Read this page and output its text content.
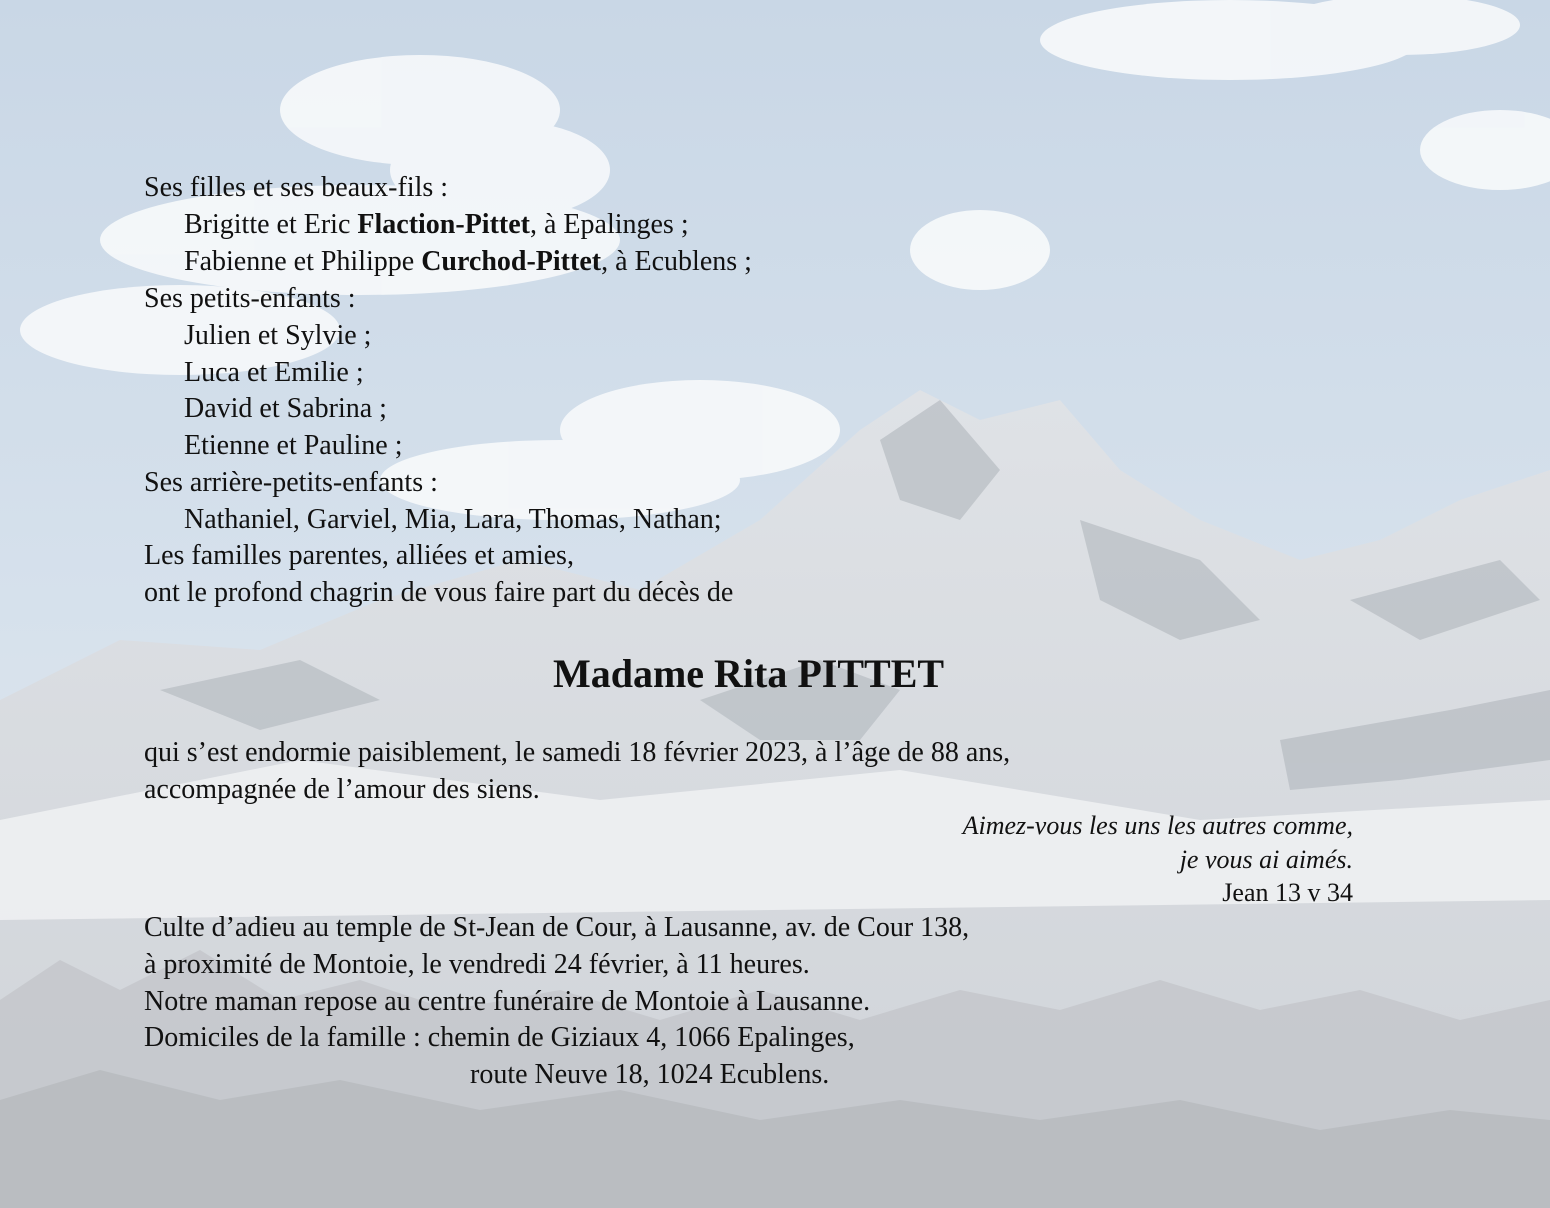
Ses filles et ses beaux-fils :
Brigitte et Eric Flaction-Pittet, à Epalinges ;
Fabienne et Philippe Curchod-Pittet, à Ecublens ;
Ses petits-enfants :
Julien et Sylvie ;
Luca et Emilie ;
David et Sabrina ;
Etienne et Pauline ;
Ses arrière-petits-enfants :
Nathaniel, Garviel, Mia, Lara, Thomas, Nathan;
Les familles parentes, alliées et amies,
ont le profond chagrin de vous faire part du décès de
Madame Rita PITTET
qui s’est endormie paisiblement, le samedi 18 février 2023, à l’âge de 88 ans,
accompagnée de l’amour des siens.
Aimez-vous les uns les autres comme,
je vous ai aimés.
Jean 13 v 34
Culte d’adieu au temple de St-Jean de Cour, à Lausanne, av. de Cour 138,
à proximité de Montoie, le vendredi 24 février, à 11 heures.
Notre maman repose au centre funéraire de Montoie à Lausanne.
Domiciles de la famille : chemin de Giziaux 4, 1066 Epalinges,
route Neuve 18, 1024 Ecublens.
